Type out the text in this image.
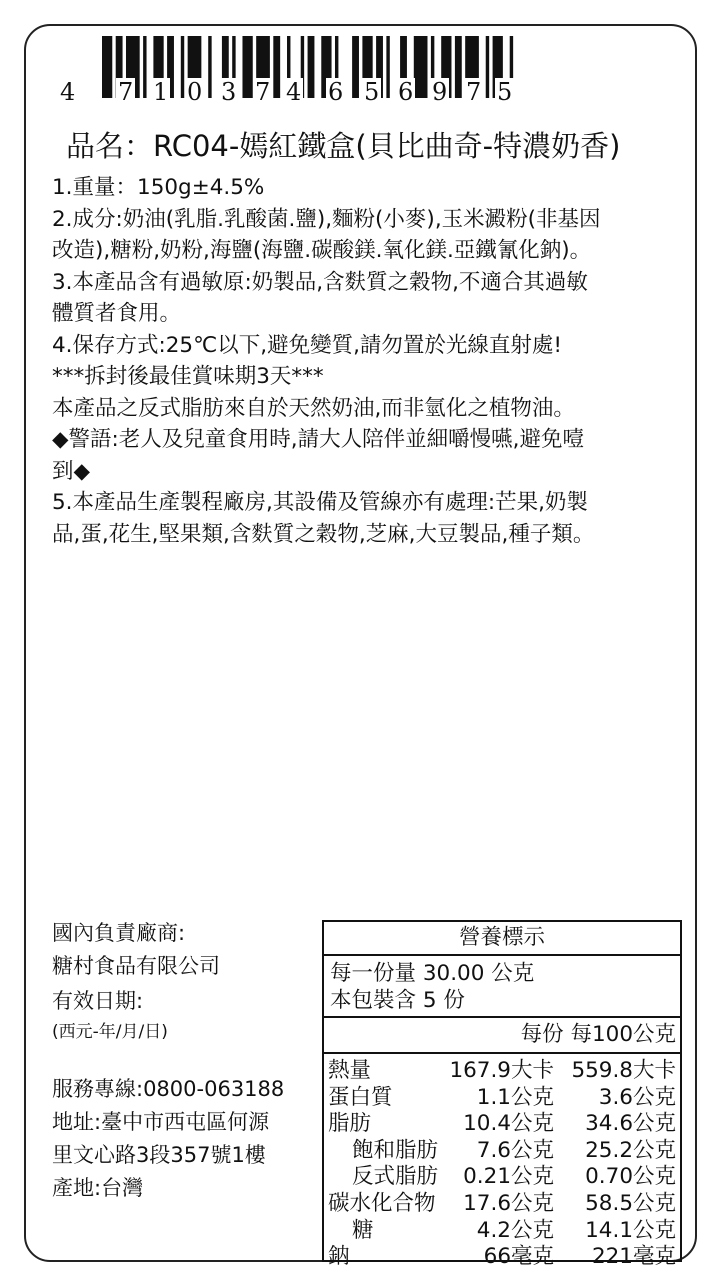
4 7 1 0 3 7 4 6 5 6 9 7 5
品名：RC04-嫣紅鐵盒(貝比曲奇-特濃奶香)

1.重量：150g±4.5%

2.成分:奶油(乳脂.乳酸菌.鹽),麵粉(小麥),玉米澱粉(非基因

改造),糖粉,奶粉,海鹽(海鹽.碳酸鎂.氧化鎂.亞鐵氰化鈉)。

3.本產品含有過敏原:奶製品,含麩質之穀物,不適合其過敏

體質者食用。

4.保存方式:25℃以下,避免變質,請勿置於光線直射處!

***拆封後最佳賞味期3天***

本產品之反式脂肪來自於天然奶油,而非氫化之植物油。

◆警語:老人及兒童食用時,請大人陪伴並細嚼慢嚥,避免噎

到◆

5.本產品生產製程廠房,其設備及管線亦有處理:芒果,奶製

品,蛋,花生,堅果類,含麩質之穀物,芝麻,大豆製品,種子類。

國內負責廠商:
糖村食品有限公司
有效日期:
(西元-年/月/日)
服務專線:0800-063188
地址:臺中市西屯區何源
里文心路3段357號1樓
產地:台灣
營養標示
每一份量 30.00 公克
本包裝含 5 份
每份 每100公克
熱量	167.9大卡 559.8大卡
蛋白質	1.1公克 3.6公克
脂肪	10.4公克 34.6公克
飽和脂肪 7.6公克 25.2公克
反式脂肪 0.21公克 0.70公克
碳水化合物 17.6公克 58.5公克
糖	4.2公克 14.1公克
鈉	66毫克 221毫克
